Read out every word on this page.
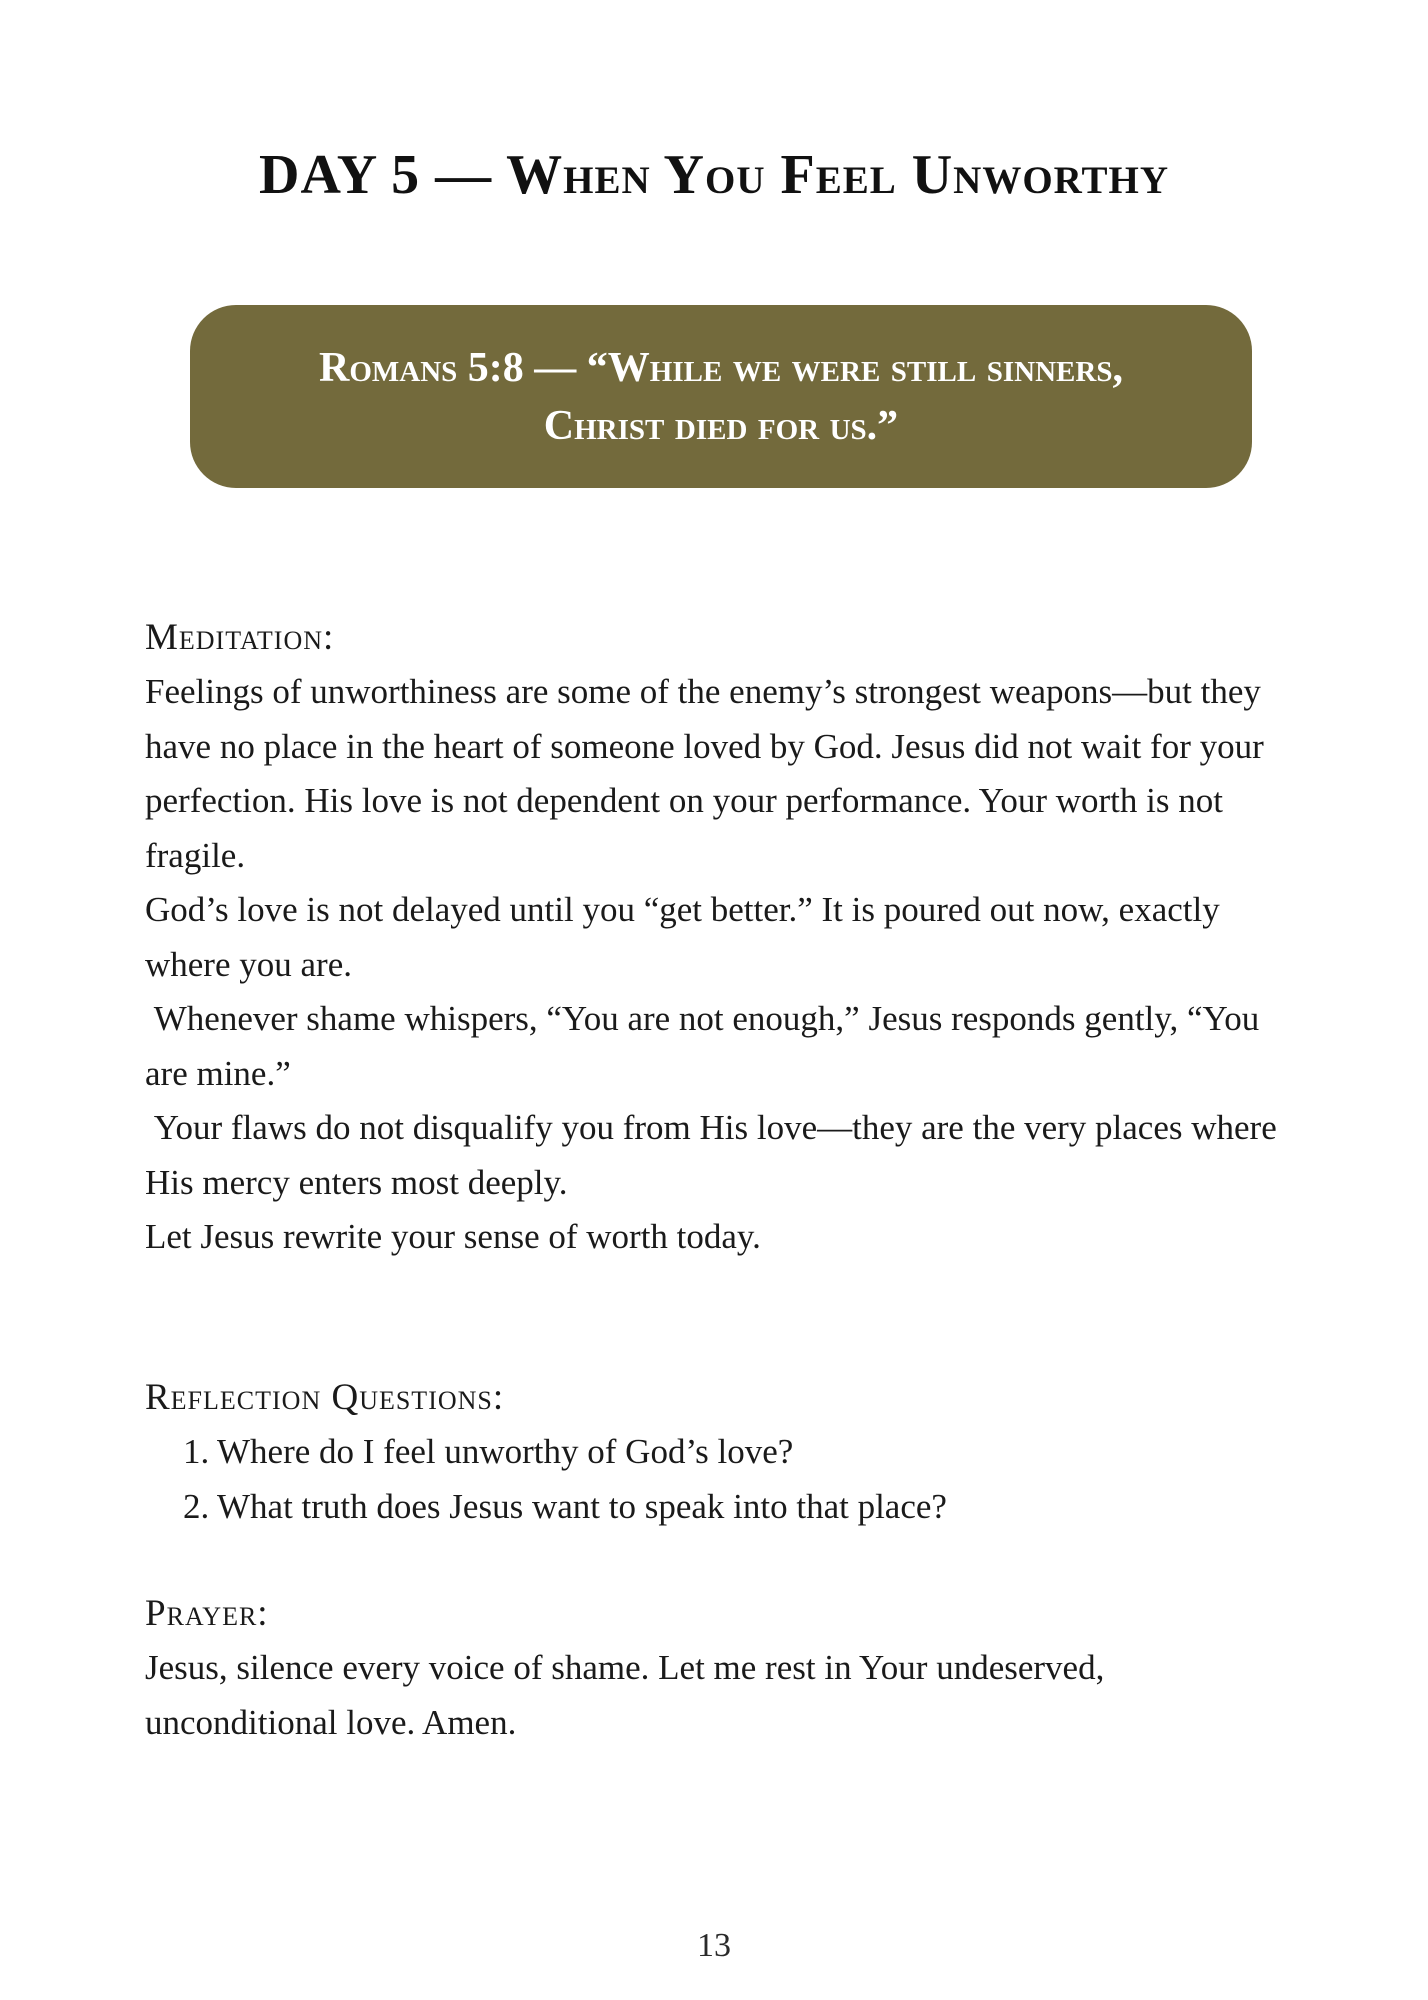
DAY 5 — When You Feel Unworthy
Romans 5:8 — “While we were still sinners,
Christ died for us.”
Meditation:

Feelings of unworthiness are some of the enemy’s strongest weapons—but they have no place in the heart of someone loved by God. Jesus did not wait for your perfection. His love is not dependent on your performance. Your worth is not fragile.

God’s love is not delayed until you “get better.” It is poured out now, exactly where you are.

Whenever shame whispers, “You are not enough,” Jesus responds gently, “You are mine.”

Your flaws do not disqualify you from His love—they are the very places where His mercy enters most deeply.

Let Jesus rewrite your sense of worth today.

Reflection Questions:
1. Where do I feel unworthy of God’s love?
2. What truth does Jesus want to speak into that place?
Prayer:

Jesus, silence every voice of shame. Let me rest in Your undeserved, unconditional love. Amen.

13
